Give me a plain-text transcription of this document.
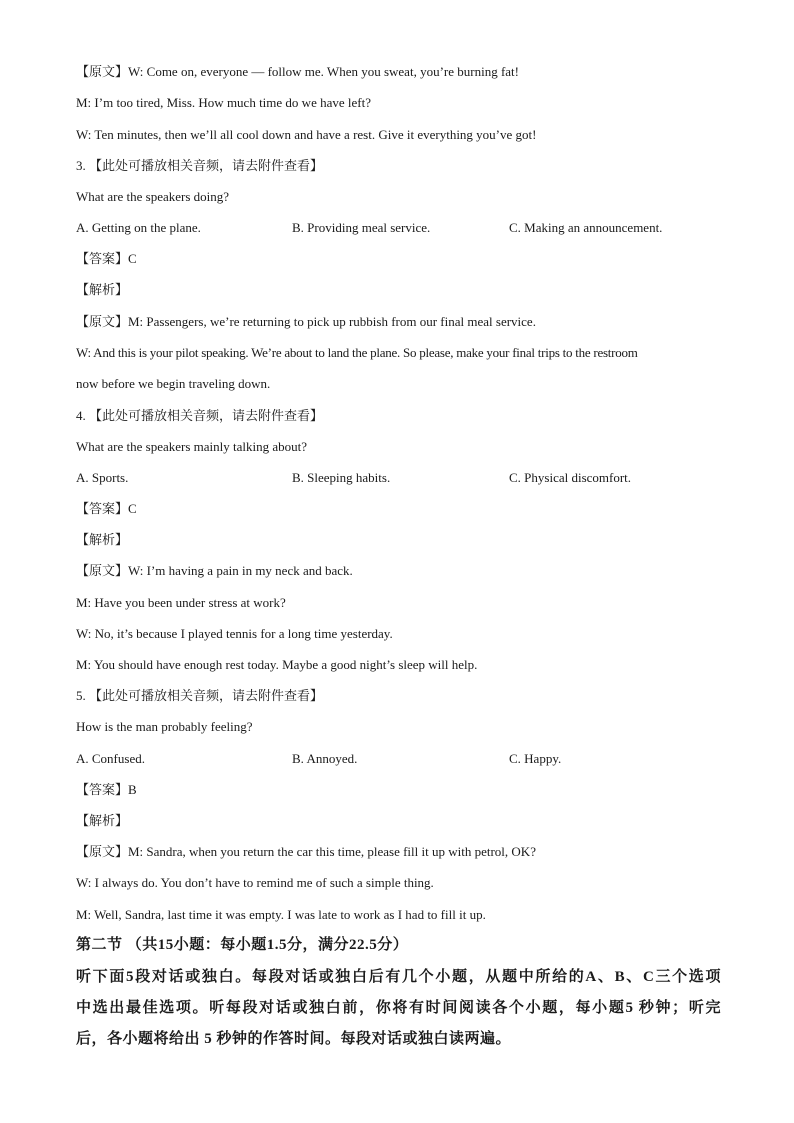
【原文】W: Come on, everyone — follow me. When you sweat, you’re burning fat!
M: I’m too tired, Miss. How much time do we have left?
W: Ten minutes, then we’ll all cool down and have a rest. Give it everything you’ve got!
3. 【此处可播放相关音频，请去附件查看】
What are the speakers doing?
A. Getting on the plane.	B. Providing meal service.	C. Making an announcement.
【答案】C
【解析】
【原文】M: Passengers, we’re returning to pick up rubbish from our final meal service.
W: And this is your pilot speaking. We’re about to land the plane. So please, make your final trips to the restroom
now before we begin traveling down.
4. 【此处可播放相关音频，请去附件查看】
What are the speakers mainly talking about?
A. Sports.	B. Sleeping habits.	C. Physical discomfort.
【答案】C
【解析】
【原文】W: I’m having a pain in my neck and back.
M: Have you been under stress at work?
W: No, it’s because I played tennis for a long time yesterday.
M: You should have enough rest today. Maybe a good night’s sleep will help.
5. 【此处可播放相关音频，请去附件查看】
How is the man probably feeling?
A. Confused.	B. Annoyed.	C. Happy.
【答案】B
【解析】
【原文】M: Sandra, when you return the car this time, please fill it up with petrol, OK?
W: I always do. You don’t have to remind me of such a simple thing.
M: Well, Sandra, last time it was empty. I was late to work as I had to fill it up.
第二节 （共15小题：每小题1.5分，满分22.5分）
听下面5段对话或独白。每段对话或独白后有几个小题，从题中所给的A、B、C三个选项
中选出最佳选项。听每段对话或独白前，你将有时间阅读各个小题，每小题5 秒钟；听完
后，各小题将给出 5 秒钟的作答时间。每段对话或独白读两遍。
